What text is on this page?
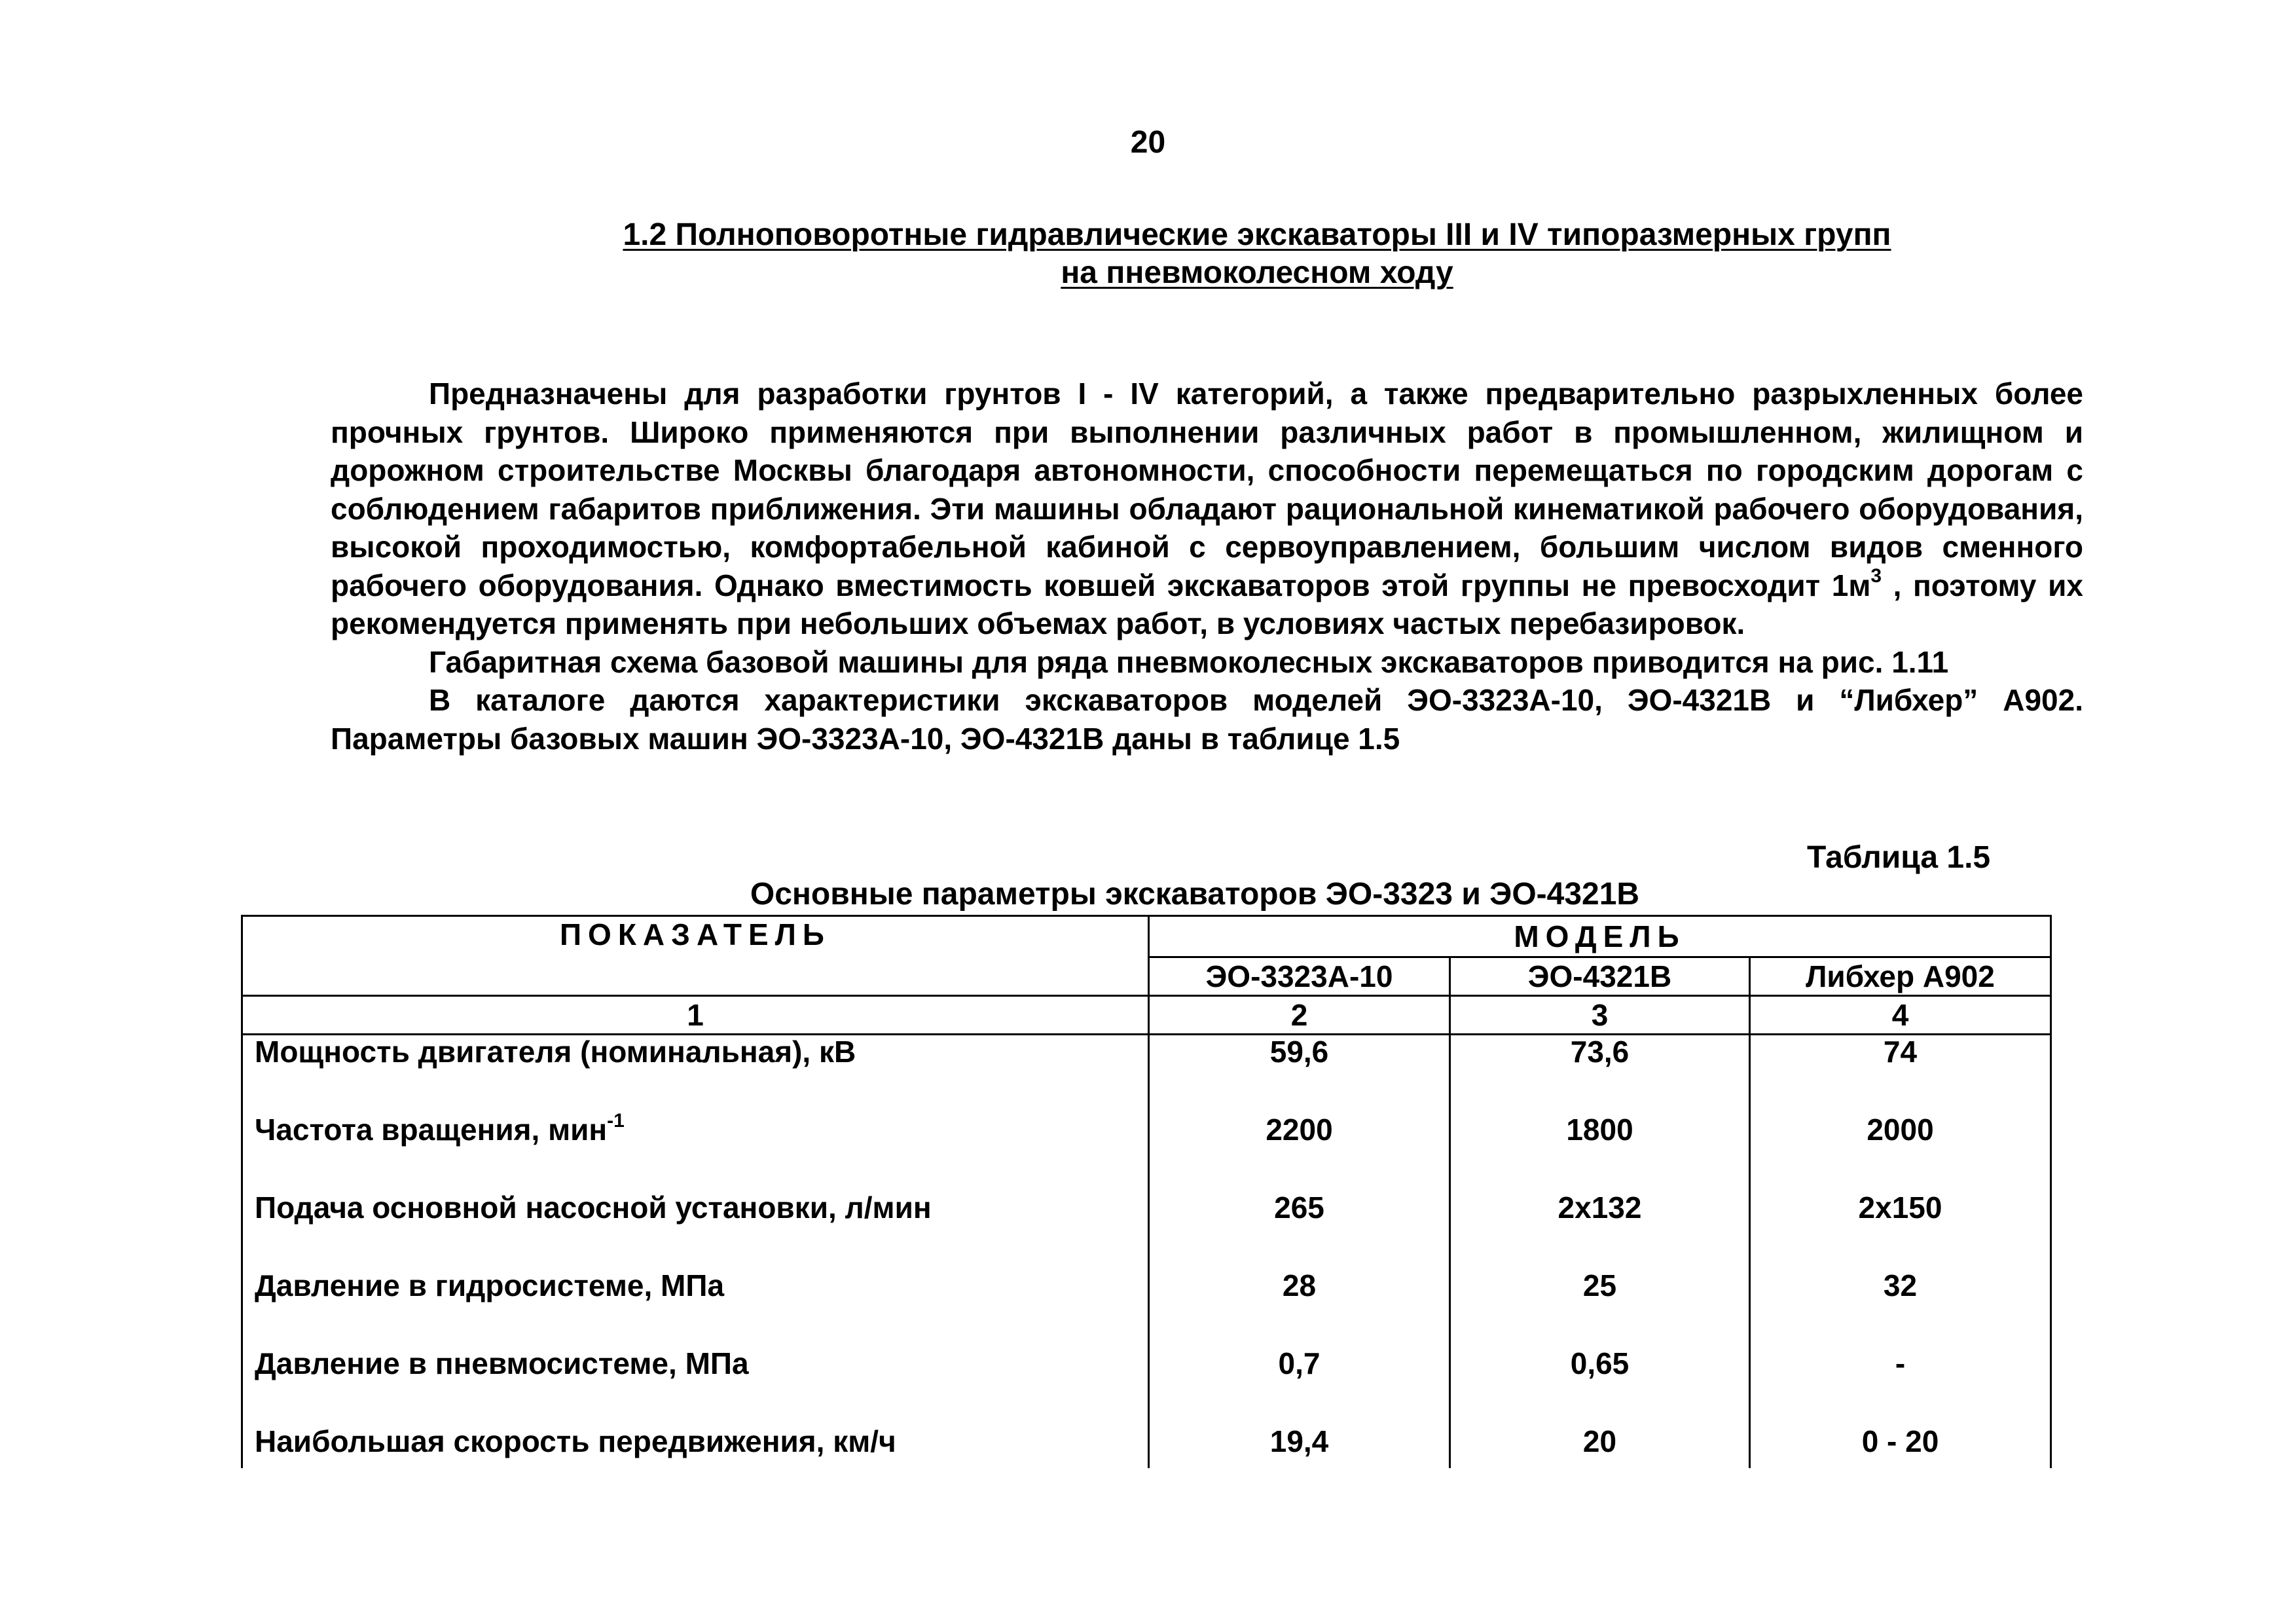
20
1.2 Полноповоротные гидравлические экскаваторы III и IV типоразмерных групп
на пневмоколесном ходу

Предназначены для разработки грунтов I - IV категорий, а также предварительно разрыхленных более прочных грунтов. Широко применяются при выполнении различных работ в промышленном, жилищном и дорожном строительстве Москвы благодаря автономности, способности перемещаться по городским дорогам с соблюдением габаритов приближения. Эти машины обладают рациональной кинематикой рабочего оборудования, высокой проходимостью, комфортабельной кабиной с сервоуправлением, большим числом видов сменного рабочего оборудования. Однако вместимость ковшей экскаваторов этой группы не превосходит $1м^3$ , поэтому их рекомендуется применять при небольших объемах работ, в условиях частых перебазировок.

Габаритная схема базовой машины для ряда пневмоколесных экскаваторов приводится на рис. 1.11

В каталоге даются характеристики экскаваторов моделей ЭО-3323А-10, ЭО-4321В и “Либхер” А902. Параметры базовых машин ЭО-3323А-10, ЭО-4321В даны в таблице 1.5

Таблица 1.5
Основные параметры экскаваторов ЭО-3323 и ЭО-4321В
ПОКАЗАТЕЛЬ	МОДЕЛЬ		
	ЭО-3323А-10	ЭО-4321В	Либхер А902
1	2	3	4
Мощность двигателя (номинальная), кВ	59,6	73,6	74
Частота вращения, мин$^{-1}$	2200	1800	2000
Подача основной насосной установки, л/мин	265	2х132	2х150
Давление в гидросистеме, МПа	28	25	32
Давление в пневмосистеме, МПа	0,7	0,65	-
Наибольшая скорость передвижения, км/ч	19,4	20	0 - 20
